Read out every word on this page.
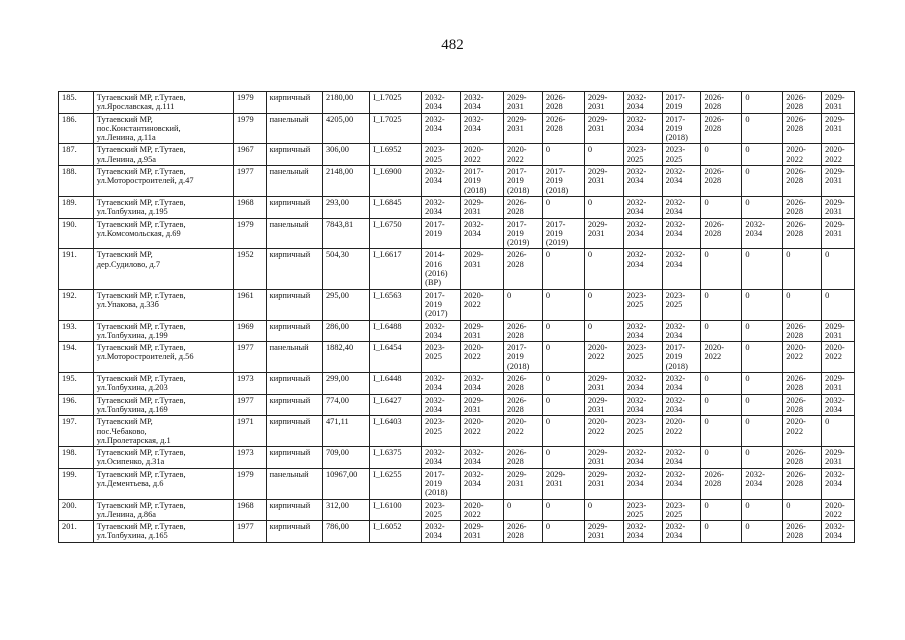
482
185.	Тутаевский МР, г.Тутаев,
ул.Ярославская, д.111	1979	кирпичный	2180,00	I_I.7025	2032-
2034	2032-
2034	2029-
2031	2026-
2028	2029-
2031	2032-
2034	2017-
2019	2026-
2028	0	2026-
2028	2029-
2031
186.	Тутаевский МР,
пос.Константиновский,
ул.Ленина, д.11а	1979	панельный	4205,00	I_I.7025	2032-
2034	2032-
2034	2029-
2031	2026-
2028	2029-
2031	2032-
2034	2017-
2019
(2018)	2026-
2028	0	2026-
2028	2029-
2031
187.	Тутаевский МР, г.Тутаев,
ул.Ленина, д.95а	1967	кирпичный	306,00	I_I.6952	2023-
2025	2020-
2022	2020-
2022	0	0	2023-
2025	2023-
2025	0	0	2020-
2022	2020-
2022
188.	Тутаевский МР, г.Тутаев,
ул.Моторостроителей, д.47	1977	панельный	2148,00	I_I.6900	2032-
2034	2017-
2019
(2018)	2017-
2019
(2018)	2017-
2019
(2018)	2029-
2031	2032-
2034	2032-
2034	2026-
2028	0	2026-
2028	2029-
2031
189.	Тутаевский МР, г.Тутаев,
ул.Толбухина, д.195	1968	кирпичный	293,00	I_I.6845	2032-
2034	2029-
2031	2026-
2028	0	0	2032-
2034	2032-
2034	0	0	2026-
2028	2029-
2031
190.	Тутаевский МР, г.Тутаев,
ул.Комсомольская, д.69	1979	панельный	7843,81	I_I.6750	2017-
2019	2032-
2034	2017-
2019
(2019)	2017-
2019
(2019)	2029-
2031	2032-
2034	2032-
2034	2026-
2028	2032-
2034	2026-
2028	2029-
2031
191.	Тутаевский МР,
дер.Судилово, д.7	1952	кирпичный	504,30	I_I.6617	2014-
2016
(2016)
(ВР)	2029-
2031	2026-
2028	0	0	2032-
2034	2032-
2034	0	0	0	0
192.	Тутаевский МР, г.Тутаев,
ул.Упакова, д.33б	1961	кирпичный	295,00	I_I.6563	2017-
2019
(2017)	2020-
2022	0	0	0	2023-
2025	2023-
2025	0	0	0	0
193.	Тутаевский МР, г.Тутаев,
ул.Толбухина, д.199	1969	кирпичный	286,00	I_I.6488	2032-
2034	2029-
2031	2026-
2028	0	0	2032-
2034	2032-
2034	0	0	2026-
2028	2029-
2031
194.	Тутаевский МР, г.Тутаев,
ул.Моторостроителей, д.56	1977	панельный	1882,40	I_I.6454	2023-
2025	2020-
2022	2017-
2019
(2018)	0	2020-
2022	2023-
2025	2017-
2019
(2018)	2020-
2022	0	2020-
2022	2020-
2022
195.	Тутаевский МР, г.Тутаев,
ул.Толбухина, д.203	1973	кирпичный	299,00	I_I.6448	2032-
2034	2032-
2034	2026-
2028	0	2029-
2031	2032-
2034	2032-
2034	0	0	2026-
2028	2029-
2031
196.	Тутаевский МР, г.Тутаев,
ул.Толбухина, д.169	1977	кирпичный	774,00	I_I.6427	2032-
2034	2029-
2031	2026-
2028	0	2029-
2031	2032-
2034	2032-
2034	0	0	2026-
2028	2032-
2034
197.	Тутаевский МР,
пос.Чебаково,
ул.Пролетарская, д.1	1971	кирпичный	471,11	I_I.6403	2023-
2025	2020-
2022	2020-
2022	0	2020-
2022	2023-
2025	2020-
2022	0	0	2020-
2022	0
198.	Тутаевский МР, г.Тутаев,
ул.Осипенко, д.31а	1973	кирпичный	709,00	I_I.6375	2032-
2034	2032-
2034	2026-
2028	0	2029-
2031	2032-
2034	2032-
2034	0	0	2026-
2028	2029-
2031
199.	Тутаевский МР, г.Тутаев,
ул.Дементьева, д.6	1979	панельный	10967,00	I_I.6255	2017-
2019
(2018)	2032-
2034	2029-
2031	2029-
2031	2029-
2031	2032-
2034	2032-
2034	2026-
2028	2032-
2034	2026-
2028	2032-
2034
200.	Тутаевский МР, г.Тутаев,
ул.Ленина, д.86а	1968	кирпичный	312,00	I_I.6100	2023-
2025	2020-
2022	0	0	0	2023-
2025	2023-
2025	0	0	0	2020-
2022
201.	Тутаевский МР, г.Тутаев,
ул.Толбухина, д.165	1977	кирпичный	786,00	I_I.6052	2032-
2034	2029-
2031	2026-
2028	0	2029-
2031	2032-
2034	2032-
2034	0	0	2026-
2028	2032-
2034
